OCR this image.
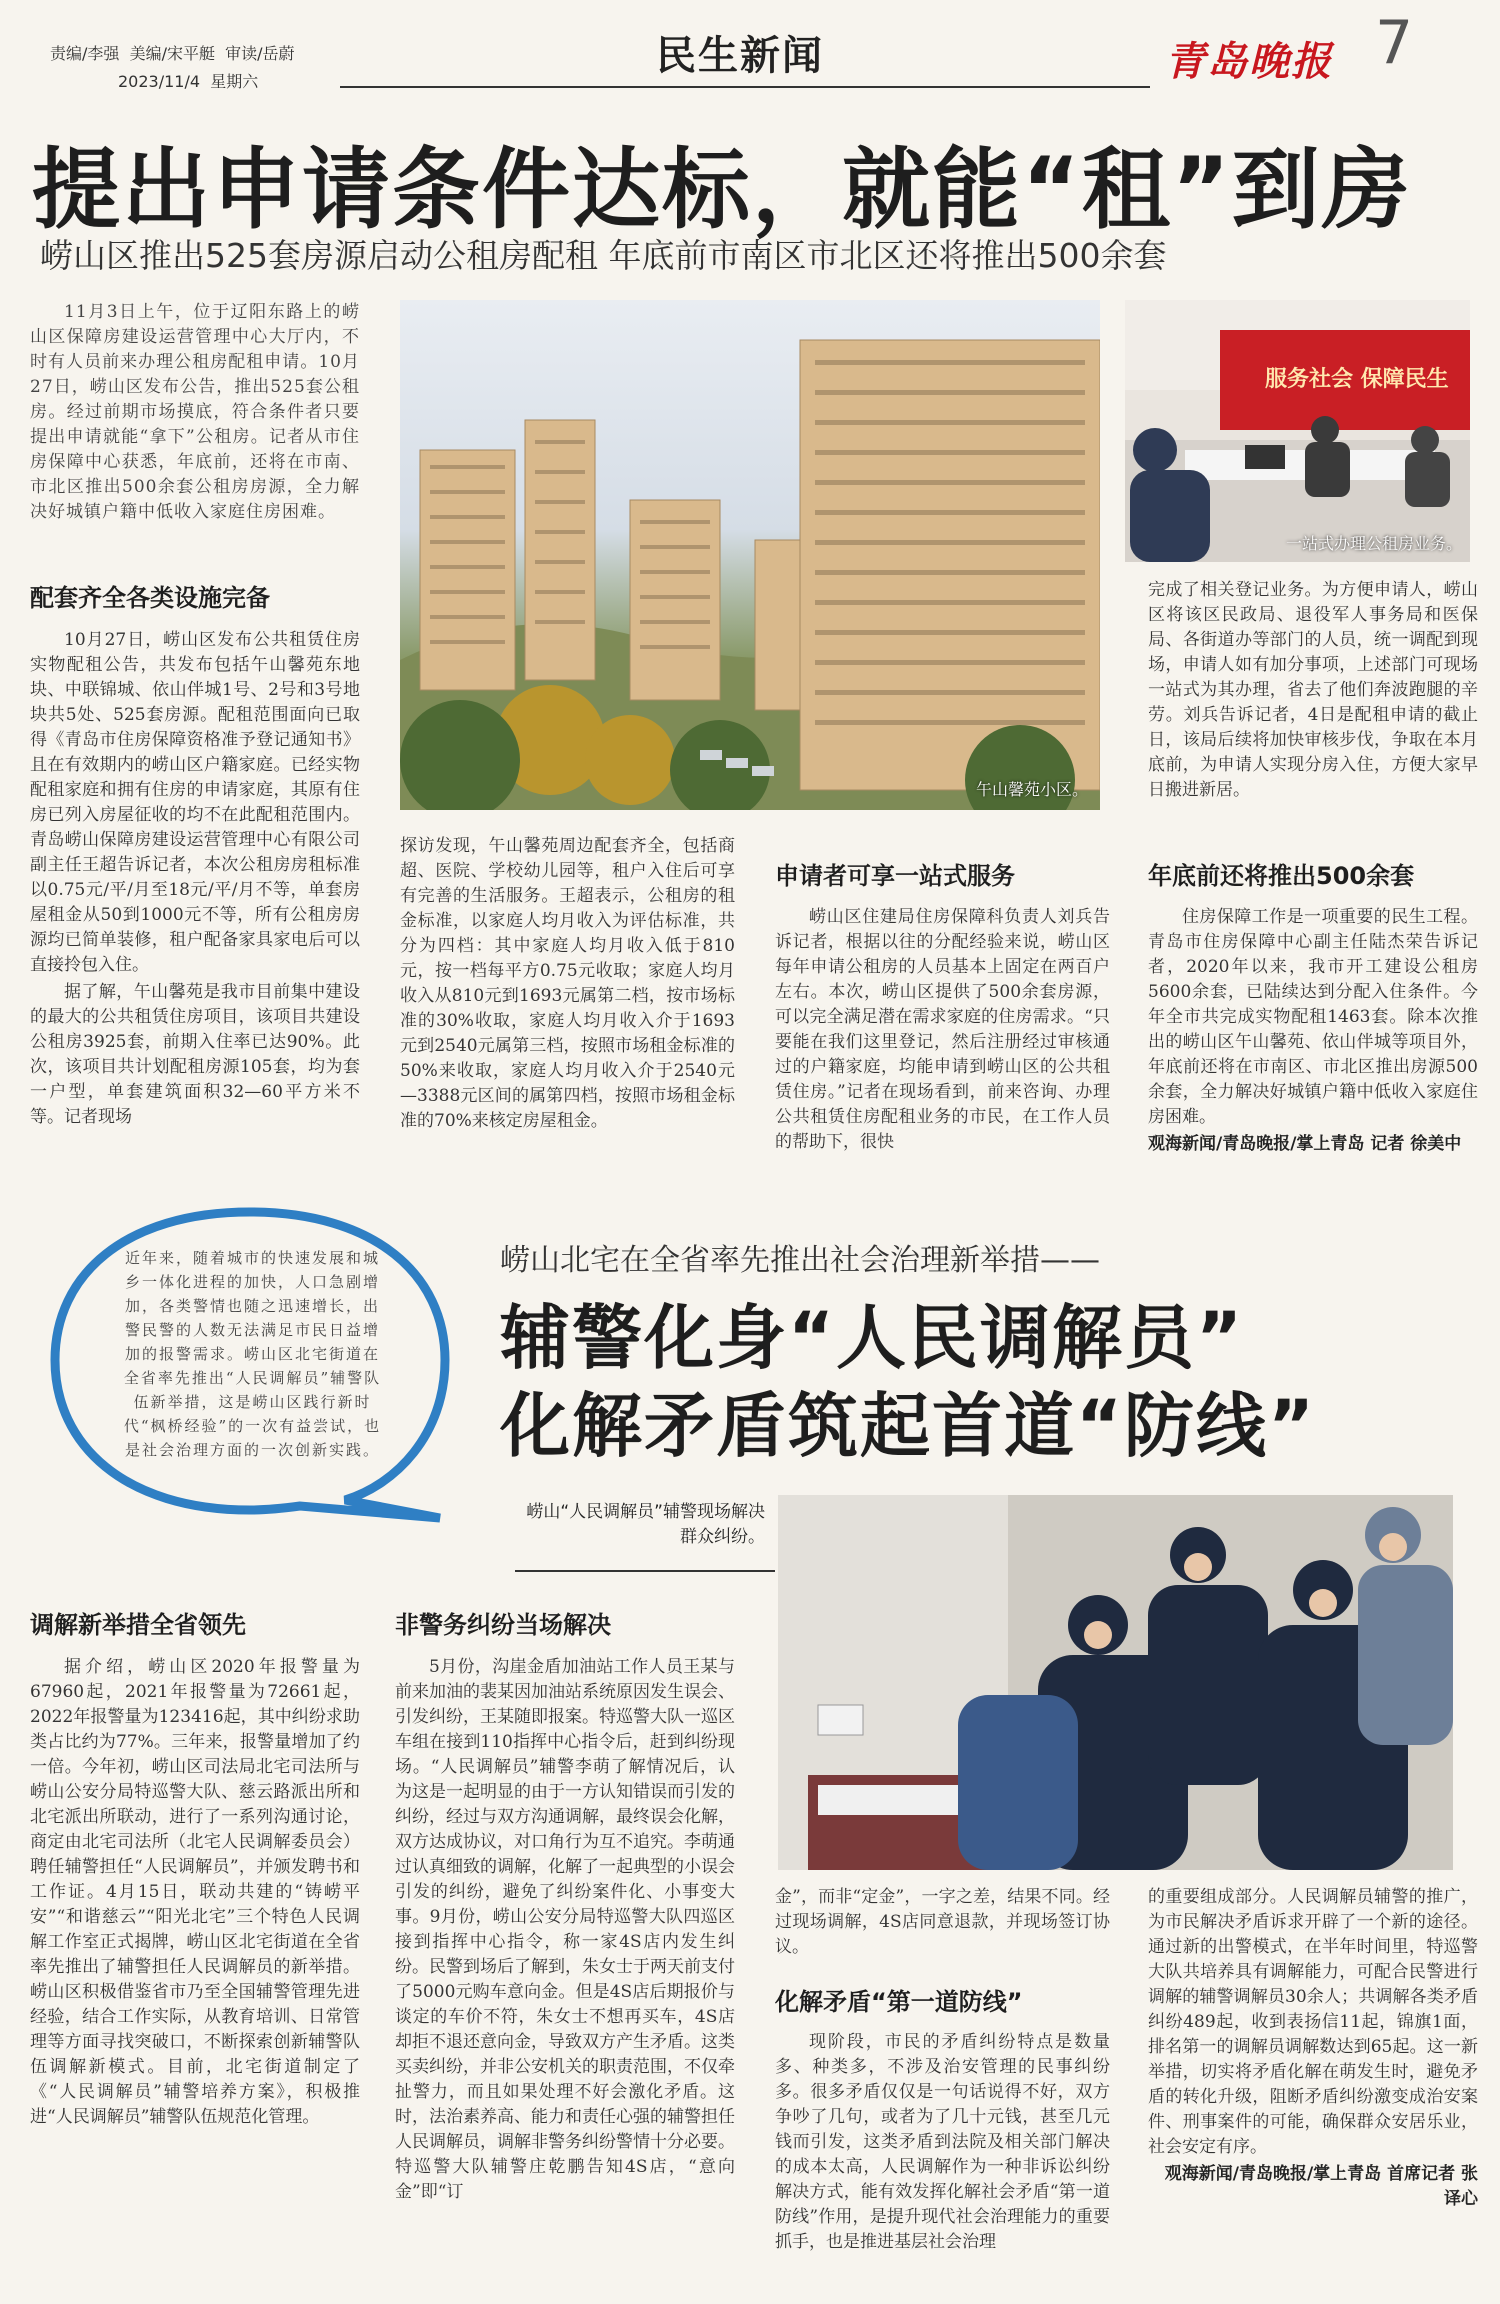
责编/李强  美编/宋平艇  审读/岳蔚
2023/11/4  星期六
民生新闻	青岛晚报 7
提出申请条件达标，就能“租”到房
崂山区推出525套房源启动公租房配租 年底前市南区市北区还将推出500余套

11月3日上午，位于辽阳东路上的崂山区保障房建设运营管理中心大厅内，不时有人员前来办理公租房配租申请。10月27日，崂山区发布公告，推出525套公租房。经过前期市场摸底，符合条件者只要提出申请就能“拿下”公租房。记者从市住房保障中心获悉，年底前，还将在市南、市北区推出500余套公租房房源，全力解决好城镇户籍中低收入家庭住房困难。

配套齐全各类设施完备

10月27日，崂山区发布公共租赁住房实物配租公告，共发布包括午山馨苑东地块、中联锦城、依山伴城1号、2号和3号地块共5处、525套房源。配租范围面向已取得《青岛市住房保障资格准予登记通知书》且在有效期内的崂山区户籍家庭。已经实物配租家庭和拥有住房的申请家庭，其原有住房已列入房屋征收的均不在此配租范围内。青岛崂山保障房建设运营管理中心有限公司副主任王超告诉记者，本次公租房房租标准以0.75元/平/月至18元/平/月不等，单套房屋租金从50到1000元不等，所有公租房房源均已简单装修，租户配备家具家电后可以直接拎包入住。

据了解，午山馨苑是我市目前集中建设的最大的公共租赁住房项目，该项目共建设公租房3925套，前期入住率已达90%。此次，该项目共计划配租房源105套，均为套一户型，单套建筑面积32—60平方米不等。记者现场

午山馨苑小区。
服务社会 保障民生
一站式办理公租房业务。

完成了相关登记业务。为方便申请人，崂山区将该区民政局、退役军人事务局和医保局、各街道办等部门的人员，统一调配到现场，申请人如有加分事项，上述部门可现场一站式为其办理，省去了他们奔波跑腿的辛劳。刘兵告诉记者，4日是配租申请的截止日，该局后续将加快审核步伐，争取在本月底前，为申请人实现分房入住，方便大家早日搬进新居。

探访发现，午山馨苑周边配套齐全，包括商超、医院、学校幼儿园等，租户入住后可享有完善的生活服务。王超表示，公租房的租金标准，以家庭人均月收入为评估标准，共分为四档：其中家庭人均月收入低于810元，按一档每平方0.75元收取；家庭人均月收入从810元到1693元属第二档，按市场标准的30%收取，家庭人均月收入介于1693元到2540元属第三档，按照市场租金标准的50%来收取，家庭人均月收入介于2540元—3388元区间的属第四档，按照市场租金标准的70%来核定房屋租金。

申请者可享一站式服务

崂山区住建局住房保障科负责人刘兵告诉记者，根据以往的分配经验来说，崂山区每年申请公租房的人员基本上固定在两百户左右。本次，崂山区提供了500余套房源，可以完全满足潜在需求家庭的住房需求。“只要能在我们这里登记，然后注册经过审核通过的户籍家庭，均能申请到崂山区的公共租赁住房。”记者在现场看到，前来咨询、办理公共租赁住房配租业务的市民，在工作人员的帮助下，很快

年底前还将推出500余套

住房保障工作是一项重要的民生工程。青岛市住房保障中心副主任陆杰荣告诉记者，2020年以来，我市开工建设公租房5600余套，已陆续达到分配入住条件。今年全市共完成实物配租1463套。除本次推出的崂山区午山馨苑、依山伴城等项目外，年底前还将在市南区、市北区推出房源500余套，全力解决好城镇户籍中低收入家庭住房困难。

观海新闻/青岛晚报/掌上青岛 记者 徐美中

近年来，随着城市的快速发展和城乡一体化进程的加快，人口急剧增加，各类警情也随之迅速增长，出警民警的人数无法满足市民日益增加的报警需求。崂山区北宅街道在全省率先推出“人民调解员”辅警队伍新举措，这是崂山区践行新时代“枫桥经验”的一次有益尝试，也是社会治理方面的一次创新实践。
崂山北宅在全省率先推出社会治理新举措——
辅警化身“人民调解员”
化解矛盾筑起首道“防线”
崂山“人民调解员”辅警现场解决群众纠纷。
调解新举措全省领先

据介绍，崂山区2020年报警量为67960起，2021年报警量为72661起，2022年报警量为123416起，其中纠纷求助类占比约为77%。三年来，报警量增加了约一倍。今年初，崂山区司法局北宅司法所与崂山公安分局特巡警大队、慈云路派出所和北宅派出所联动，进行了一系列沟通讨论，商定由北宅司法所（北宅人民调解委员会）聘任辅警担任“人民调解员”，并颁发聘书和工作证。4月15日，联动共建的“铸崂平安”“和谐慈云”“阳光北宅”三个特色人民调解工作室正式揭牌，崂山区北宅街道在全省率先推出了辅警担任人民调解员的新举措。崂山区积极借鉴省市乃至全国辅警管理先进经验，结合工作实际，从教育培训、日常管理等方面寻找突破口，不断探索创新辅警队伍调解新模式。目前，北宅街道制定了《“人民调解员”辅警培养方案》，积极推进“人民调解员”辅警队伍规范化管理。

非警务纠纷当场解决

5月份，沟崖金盾加油站工作人员王某与前来加油的裴某因加油站系统原因发生误会、引发纠纷，王某随即报案。特巡警大队一巡区车组在接到110指挥中心指令后，赶到纠纷现场。“人民调解员”辅警李萌了解情况后，认为这是一起明显的由于一方认知错误而引发的纠纷，经过与双方沟通调解，最终误会化解，双方达成协议，对口角行为互不追究。李萌通过认真细致的调解，化解了一起典型的小误会引发的纠纷，避免了纠纷案件化、小事变大事。9月份，崂山公安分局特巡警大队四巡区接到指挥中心指令，称一家4S店内发生纠纷。民警到场后了解到，朱女士于两天前支付了5000元购车意向金。但是4S店后期报价与谈定的车价不符，朱女士不想再买车，4S店却拒不退还意向金，导致双方产生矛盾。这类买卖纠纷，并非公安机关的职责范围，不仅牵扯警力，而且如果处理不好会激化矛盾。这时，法治素养高、能力和责任心强的辅警担任人民调解员，调解非警务纠纷警情十分必要。特巡警大队辅警庄乾鹏告知4S店，“意向金”即“订

金”，而非“定金”，一字之差，结果不同。经过现场调解，4S店同意退款，并现场签订协议。

化解矛盾“第一道防线”

现阶段，市民的矛盾纠纷特点是数量多、种类多，不涉及治安管理的民事纠纷多。很多矛盾仅仅是一句话说得不好，双方争吵了几句，或者为了几十元钱，甚至几元钱而引发，这类矛盾到法院及相关部门解决的成本太高，人民调解作为一种非诉讼纠纷解决方式，能有效发挥化解社会矛盾“第一道防线”作用，是提升现代社会治理能力的重要抓手，也是推进基层社会治理

的重要组成部分。人民调解员辅警的推广，为市民解决矛盾诉求开辟了一个新的途径。通过新的出警模式，在半年时间里，特巡警大队共培养具有调解能力，可配合民警进行调解的辅警调解员30余人；共调解各类矛盾纠纷489起，收到表扬信11起，锦旗1面，排名第一的调解员调解数达到65起。这一新举措，切实将矛盾化解在萌发生时，避免矛盾的转化升级，阻断矛盾纠纷激变成治安案件、刑事案件的可能，确保群众安居乐业，社会安定有序。

观海新闻/青岛晚报/掌上青岛 首席记者 张译心
